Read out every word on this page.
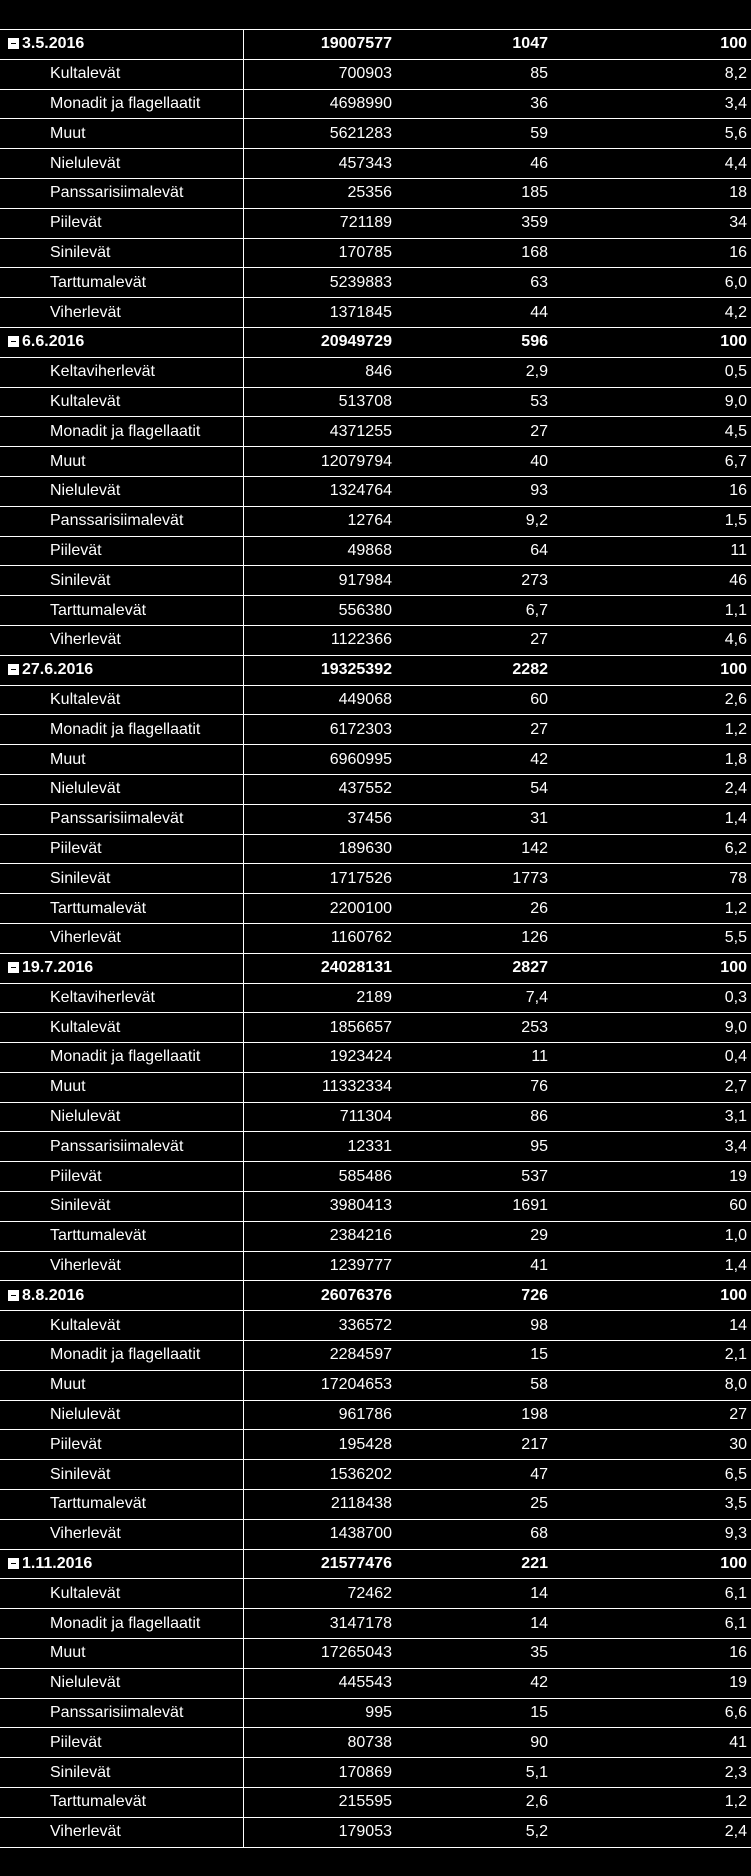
3.5.2016	19007577	1047	100
Kultalevät	700903	85	8,2
Monadit ja flagellaatit	4698990	36	3,4
Muut	5621283	59	5,6
Nielulevät	457343	46	4,4
Panssarisiimalevät	25356	185	18
Piilevät	721189	359	34
Sinilevät	170785	168	16
Tarttumalevät	5239883	63	6,0
Viherlevät	1371845	44	4,2
6.6.2016	20949729	596	100
Keltaviherlevät	846	2,9	0,5
Kultalevät	513708	53	9,0
Monadit ja flagellaatit	4371255	27	4,5
Muut	12079794	40	6,7
Nielulevät	1324764	93	16
Panssarisiimalevät	12764	9,2	1,5
Piilevät	49868	64	11
Sinilevät	917984	273	46
Tarttumalevät	556380	6,7	1,1
Viherlevät	1122366	27	4,6
27.6.2016	19325392	2282	100
Kultalevät	449068	60	2,6
Monadit ja flagellaatit	6172303	27	1,2
Muut	6960995	42	1,8
Nielulevät	437552	54	2,4
Panssarisiimalevät	37456	31	1,4
Piilevät	189630	142	6,2
Sinilevät	1717526	1773	78
Tarttumalevät	2200100	26	1,2
Viherlevät	1160762	126	5,5
19.7.2016	24028131	2827	100
Keltaviherlevät	2189	7,4	0,3
Kultalevät	1856657	253	9,0
Monadit ja flagellaatit	1923424	11	0,4
Muut	11332334	76	2,7
Nielulevät	711304	86	3,1
Panssarisiimalevät	12331	95	3,4
Piilevät	585486	537	19
Sinilevät	3980413	1691	60
Tarttumalevät	2384216	29	1,0
Viherlevät	1239777	41	1,4
8.8.2016	26076376	726	100
Kultalevät	336572	98	14
Monadit ja flagellaatit	2284597	15	2,1
Muut	17204653	58	8,0
Nielulevät	961786	198	27
Piilevät	195428	217	30
Sinilevät	1536202	47	6,5
Tarttumalevät	2118438	25	3,5
Viherlevät	1438700	68	9,3
1.11.2016	21577476	221	100
Kultalevät	72462	14	6,1
Monadit ja flagellaatit	3147178	14	6,1
Muut	17265043	35	16
Nielulevät	445543	42	19
Panssarisiimalevät	995	15	6,6
Piilevät	80738	90	41
Sinilevät	170869	5,1	2,3
Tarttumalevät	215595	2,6	1,2
Viherlevät	179053	5,2	2,4
